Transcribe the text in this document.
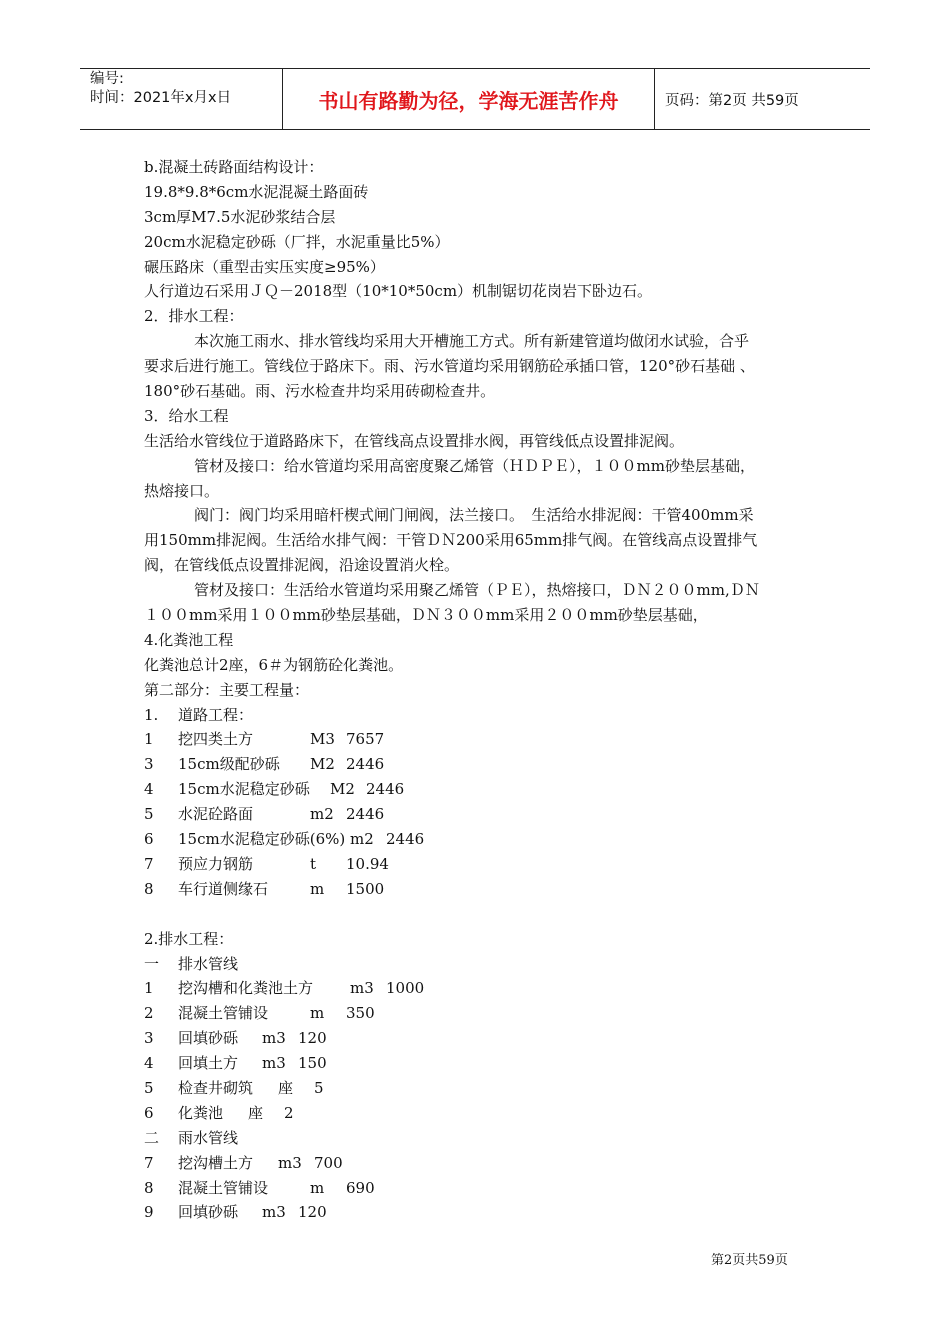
编号:
时间：2021年x月x日	书山有路勤为径，学海无涯苦作舟	页码：第2页 共59页
b.混凝土砖路面结构设计：
19.8*9.8*6cm水泥混凝土路面砖
3cm厚M7.5水泥砂浆结合层
20cm水泥稳定砂砾（厂拌，水泥重量比5%）
碾压路床（重型击实压实度≥95%）
人行道边石采用ＪＱ－2018型（10*10*50cm）机制锯切花岗岩下卧边石。
2．排水工程：
本次施工雨水、排水管线均采用大开槽施工方式。所有新建管道均做闭水试验，合乎
要求后进行施工。管线位于路床下。雨、污水管道均采用钢筋砼承插口管，120°砂石基础 、
180°砂石基础。雨、污水检查井均采用砖砌检查井。
3．给水工程
生活给水管线位于道路路床下，在管线高点设置排水阀，再管线低点设置排泥阀。
管材及接口：给水管道均采用高密度聚乙烯管（ＨＤＰＥ），１００mm砂垫层基础，
热熔接口。
阀门：阀门均采用暗杆楔式闸门闸阀，法兰接口。　生活给水排泥阀：干管400mm采
用150mm排泥阀。生活给水排气阀：干管ＤＮ200采用65mm排气阀。在管线高点设置排气
阀，在管线低点设置排泥阀，沿途设置消火栓。
管材及接口：生活给水管道均采用聚乙烯管（ＰＥ），热熔接口，ＤＮ２００mm,ＤＮ
１００mm采用１００mm砂垫层基础，ＤＮ３００mm采用２００mm砂垫层基础，
4.化粪池工程
化粪池总计2座，6＃为钢筋砼化粪池。
第二部分：主要工程量：
1. 道路工程：
1 挖四类土方	M3 7657
3 15cm级配砂砾 M2 2446
4 15cm水泥稳定砂砾 M2 2446
5 水泥砼路面	m2 2446
6 15cm水泥稳定砂砾(6%) m2 2446
7 预应力钢筋	t 10.94
8 车行道侧缘石	m 1500
2.排水工程：
一 排水管线
1 挖沟槽和化粪池土方 m3 1000
2 混凝土管铺设	m 350
3 回填砂砾 m3 120
4 回填土方 m3 150
5 检查井砌筑 座 5
6 化粪池 座 2
二 雨水管线
7 挖沟槽土方 m3 700
8 混凝土管铺设	m 690
9 回填砂砾 m3 120
第2页共59页
